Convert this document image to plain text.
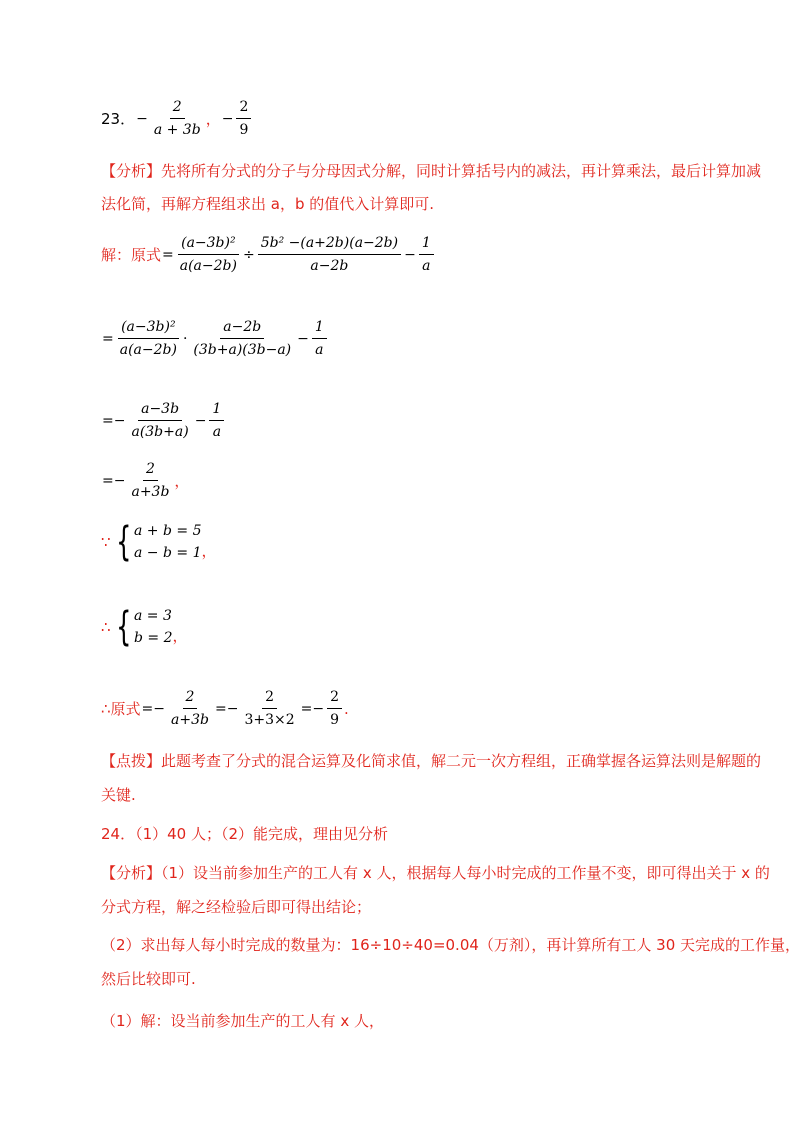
23． − $\frac{2}{a + 3b}$ ， − $\frac{2}{9}$
【分析】先将所有分式的分子与分母因式分解，同时计算括号内的减法，再计算乘法，最后计算加减
法化简，再解方程组求出 a，b 的值代入计算即可.
解：原式 = $\frac{\text{(a−3b)²}}{a(a-2b)} \div \frac{\text{5b² −(a+2b)(a−2b)}}{a-2b} - \frac{1}{a}$
= $\frac{\text{(a−3b)²}}{a(a-2b)} \cdot \frac{a-2b}{(3b+a)(3b-a)} - \frac{1}{a}$
=− $\frac{a-3b}{a(3b+a)} - \frac{1}{a}$
=− $\frac{2}{a+3b}$ ，
∵ { a + b = 5
a − b = 1 ，
∴ { a = 3
b = 2 ，
∴原式 =− $\frac{2}{a+3b} =- \frac{2}{3+3\times 2} =- \frac{2}{9}$ .
【点拨】此题考查了分式的混合运算及化简求值，解二元一次方程组，正确掌握各运算法则是解题的
关键.
24．（1）40 人；（2）能完成，理由见分析
【分析】（1）设当前参加生产的工人有 x 人，根据每人每小时完成的工作量不变，即可得出关于 x 的
分式方程，解之经检验后即可得出结论；
（2）求出每人每小时完成的数量为：16÷10÷40=0.04（万剂），再计算所有工人 30 天完成的工作量，
然后比较即可.
（1）解：设当前参加生产的工人有 x 人，
